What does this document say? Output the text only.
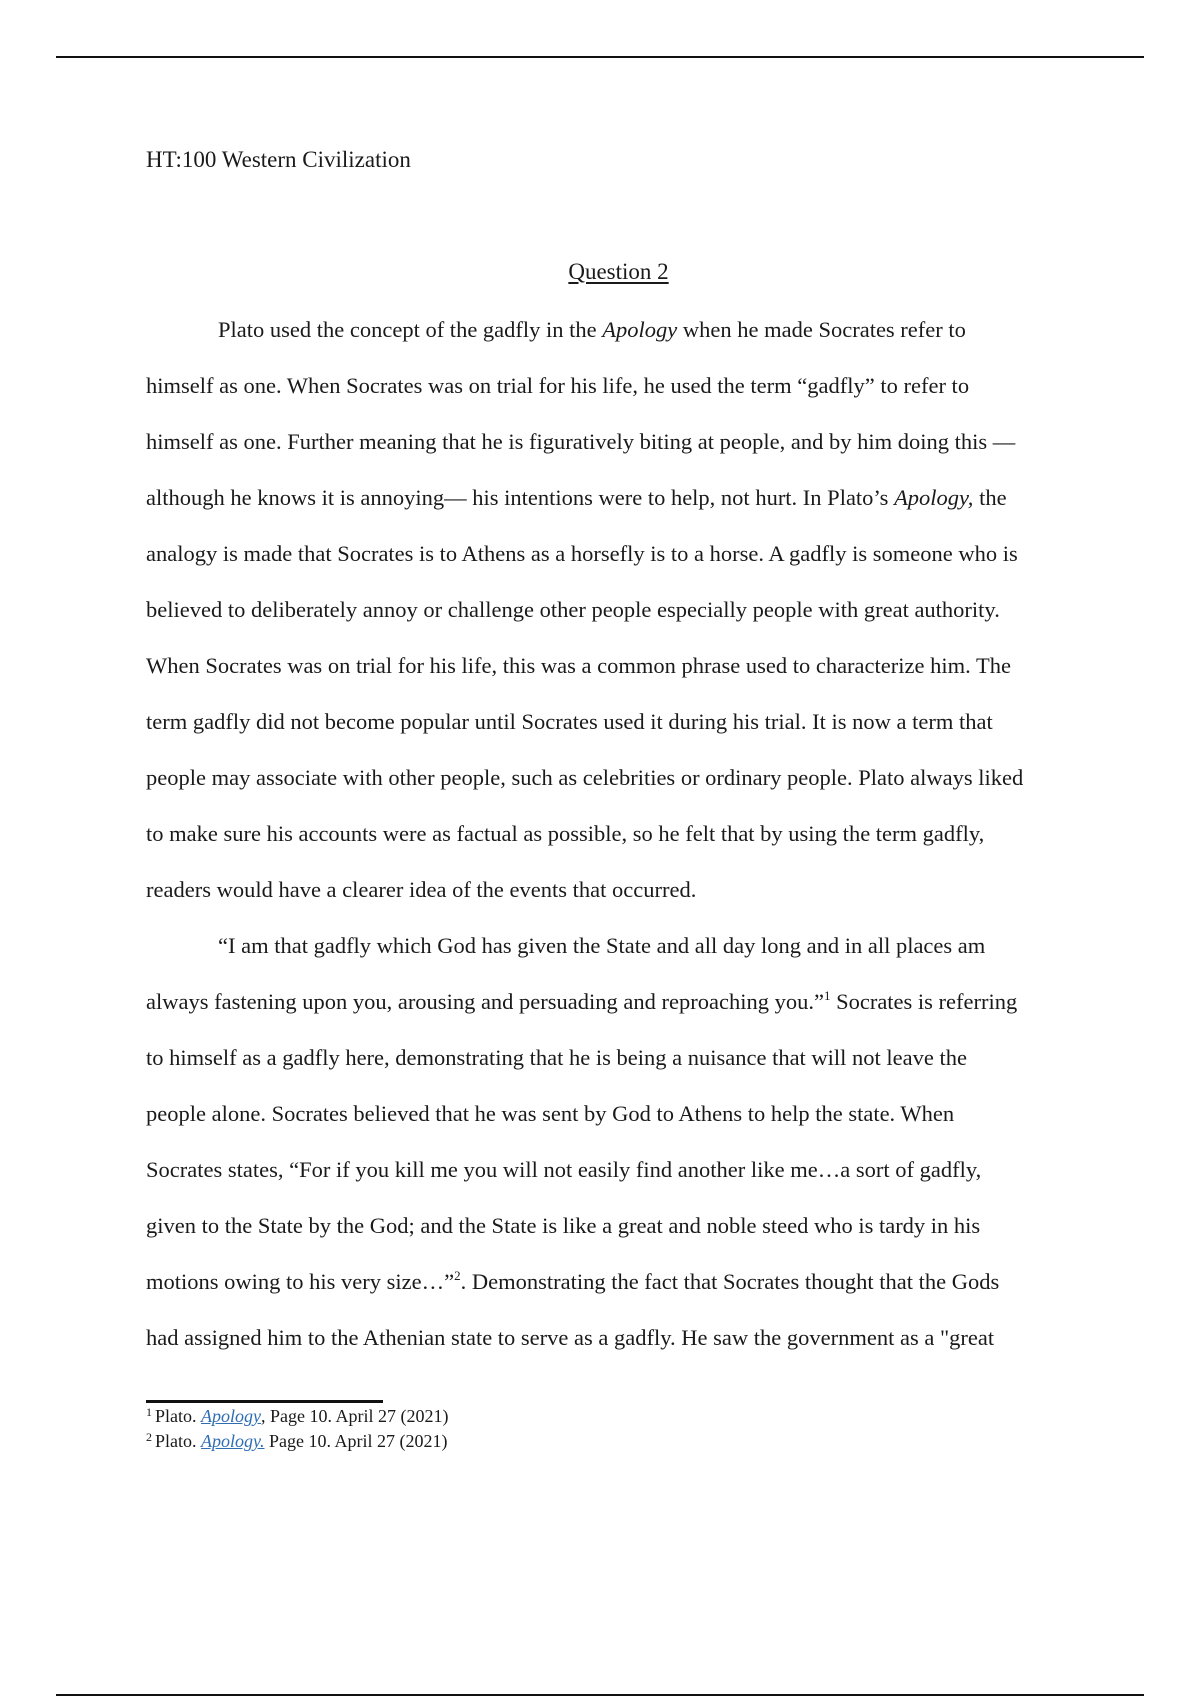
HT:100 Western Civilization

Question 2

Plato used the concept of the gadfly in the Apology when he made Socrates refer to
himself as one. When Socrates was on trial for his life, he used the term “gadfly” to refer to
himself as one. Further meaning that he is figuratively biting at people, and by him doing this —
although he knows it is annoying— his intentions were to help, not hurt. In Plato’s Apology, the
analogy is made that Socrates is to Athens as a horsefly is to a horse. A gadfly is someone who is
believed to deliberately annoy or challenge other people especially people with great authority.
When Socrates was on trial for his life, this was a common phrase used to characterize him. The
term gadfly did not become popular until Socrates used it during his trial. It is now a term that
people may associate with other people, such as celebrities or ordinary people. Plato always liked
to make sure his accounts were as factual as possible, so he felt that by using the term gadfly,
readers would have a clearer idea of the events that occurred.

“I am that gadfly which God has given the State and all day long and in all places am
always fastening upon you, arousing and persuading and reproaching you.”$^1$ Socrates is referring
to himself as a gadfly here, demonstrating that he is being a nuisance that will not leave the
people alone. Socrates believed that he was sent by God to Athens to help the state. When
Socrates states, “For if you kill me you will not easily find another like me…a sort of gadfly,
given to the State by the God; and the State is like a great and noble steed who is tardy in his
motions owing to his very size…”$^2$. Demonstrating the fact that Socrates thought that the Gods
had assigned him to the Athenian state to serve as a gadfly. He saw the government as a "great

$^1$ Plato. Apology, Page 10. April 27 (2021)
$^2$ Plato. Apology. Page 10. April 27 (2021)
